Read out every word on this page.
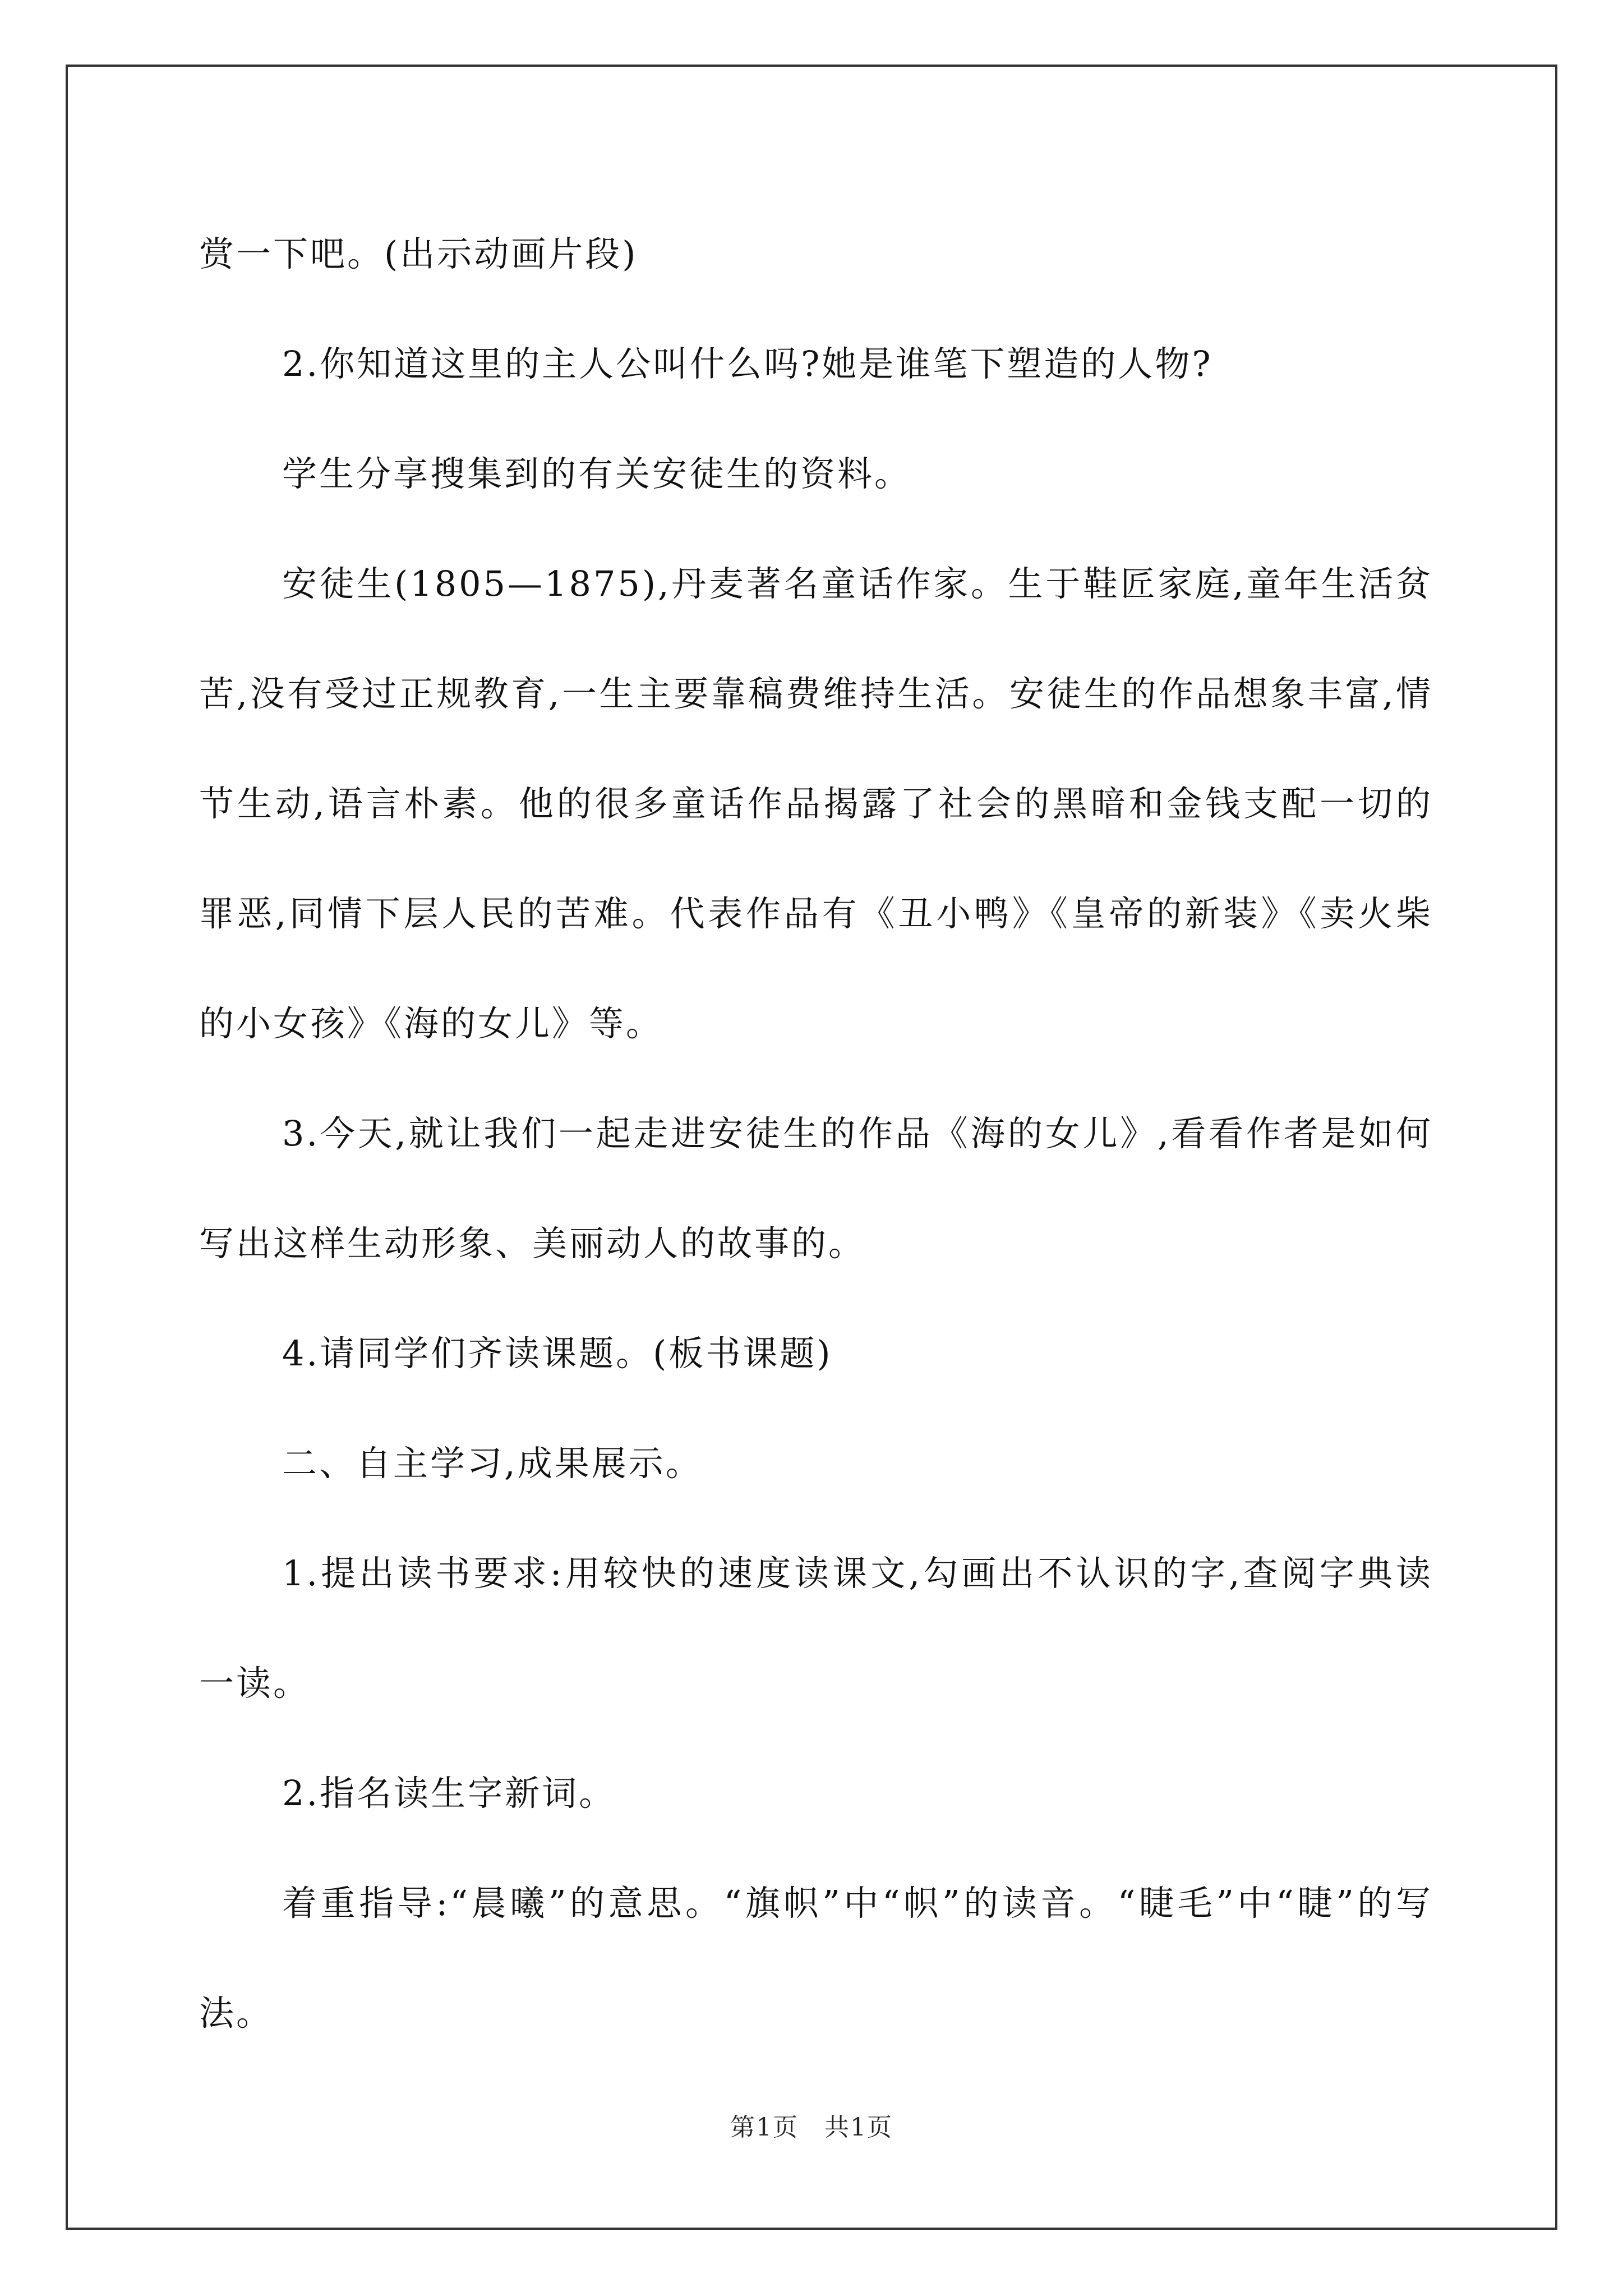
赏一下吧。(出示动画片段)

2.你知道这里的主人公叫什么吗?她是谁笔下塑造的人物?

学生分享搜集到的有关安徒生的资料。

安徒生(1805—1875),丹麦著名童话作家。生于鞋匠家庭,童年生活贫苦,没有受过正规教育,一生主要靠稿费维持生活。安徒生的作品想象丰富,情节生动,语言朴素。他的很多童话作品揭露了社会的黑暗和金钱支配一切的罪恶,同情下层人民的苦难。代表作品有《丑小鸭》《皇帝的新装》《卖火柴的小女孩》《海的女儿》等。

3.今天,就让我们一起走进安徒生的作品《海的女儿》,看看作者是如何写出这样生动形象、美丽动人的故事的。

4.请同学们齐读课题。(板书课题)

二、自主学习,成果展示。

1.提出读书要求:用较快的速度读课文,勾画出不认识的字,查阅字典读一读。

2.指名读生字新词。

着重指导:“晨曦”的意思。“旗帜”中“帜”的读音。“睫毛”中“睫”的写法。

第1页　共1页
